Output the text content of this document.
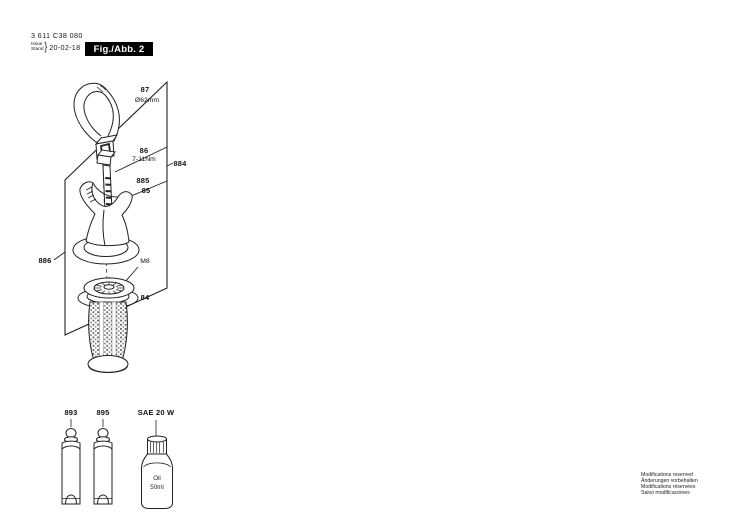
3 611 C38 080
Issue
Stand } 20-02-18	Fig./Abb. 2
87
Ø62mm
86
7-11Nm 884
885
85
886	M8
84
893	895	SAE 20 W
Oil
50ml
Modifications reserved
Änderungen vorbehalten
Modifications réservées
Salvo modificaciones
